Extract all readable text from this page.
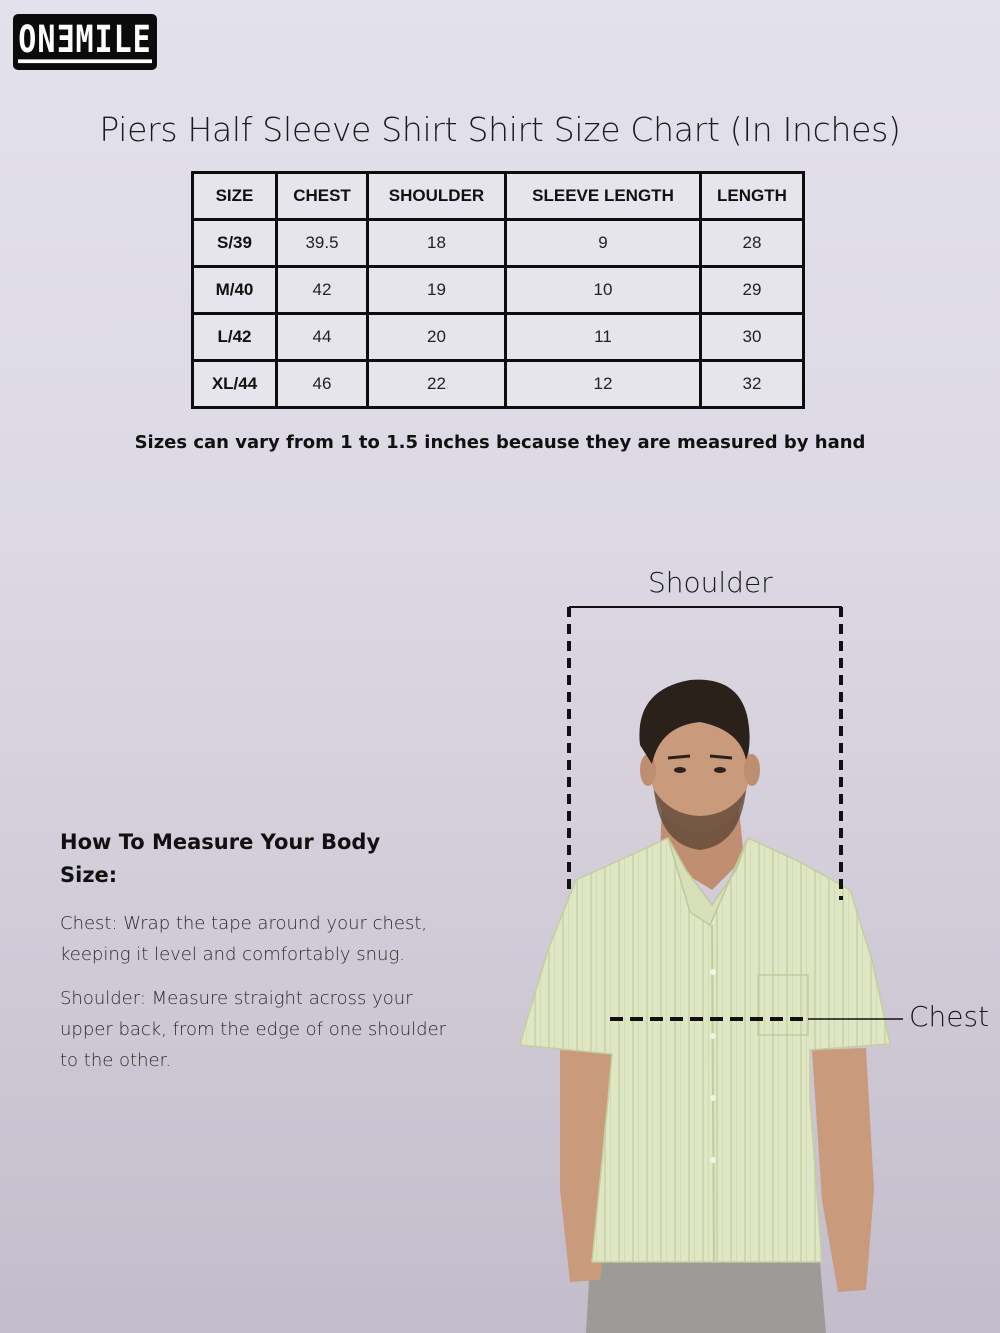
ONƎMILE
Piers Half Sleeve Shirt Shirt Size Chart (In Inches)
SIZE	CHEST	SHOULDER	SLEEVE LENGTH	LENGTH
S/39	39.5	18	9	28
M/40	42	19	10	29
L/42	44	20	11	30
XL/44	46	22	12	32
Sizes can vary from 1 to 1.5 inches because they are measured by hand
How To Measure Your Body Size:

Chest: Wrap the tape around your chest, keeping it level and comfortably snug.

Shoulder: Measure straight across your upper back, from the edge of one shoulder to the other.

Shoulder
Chest
